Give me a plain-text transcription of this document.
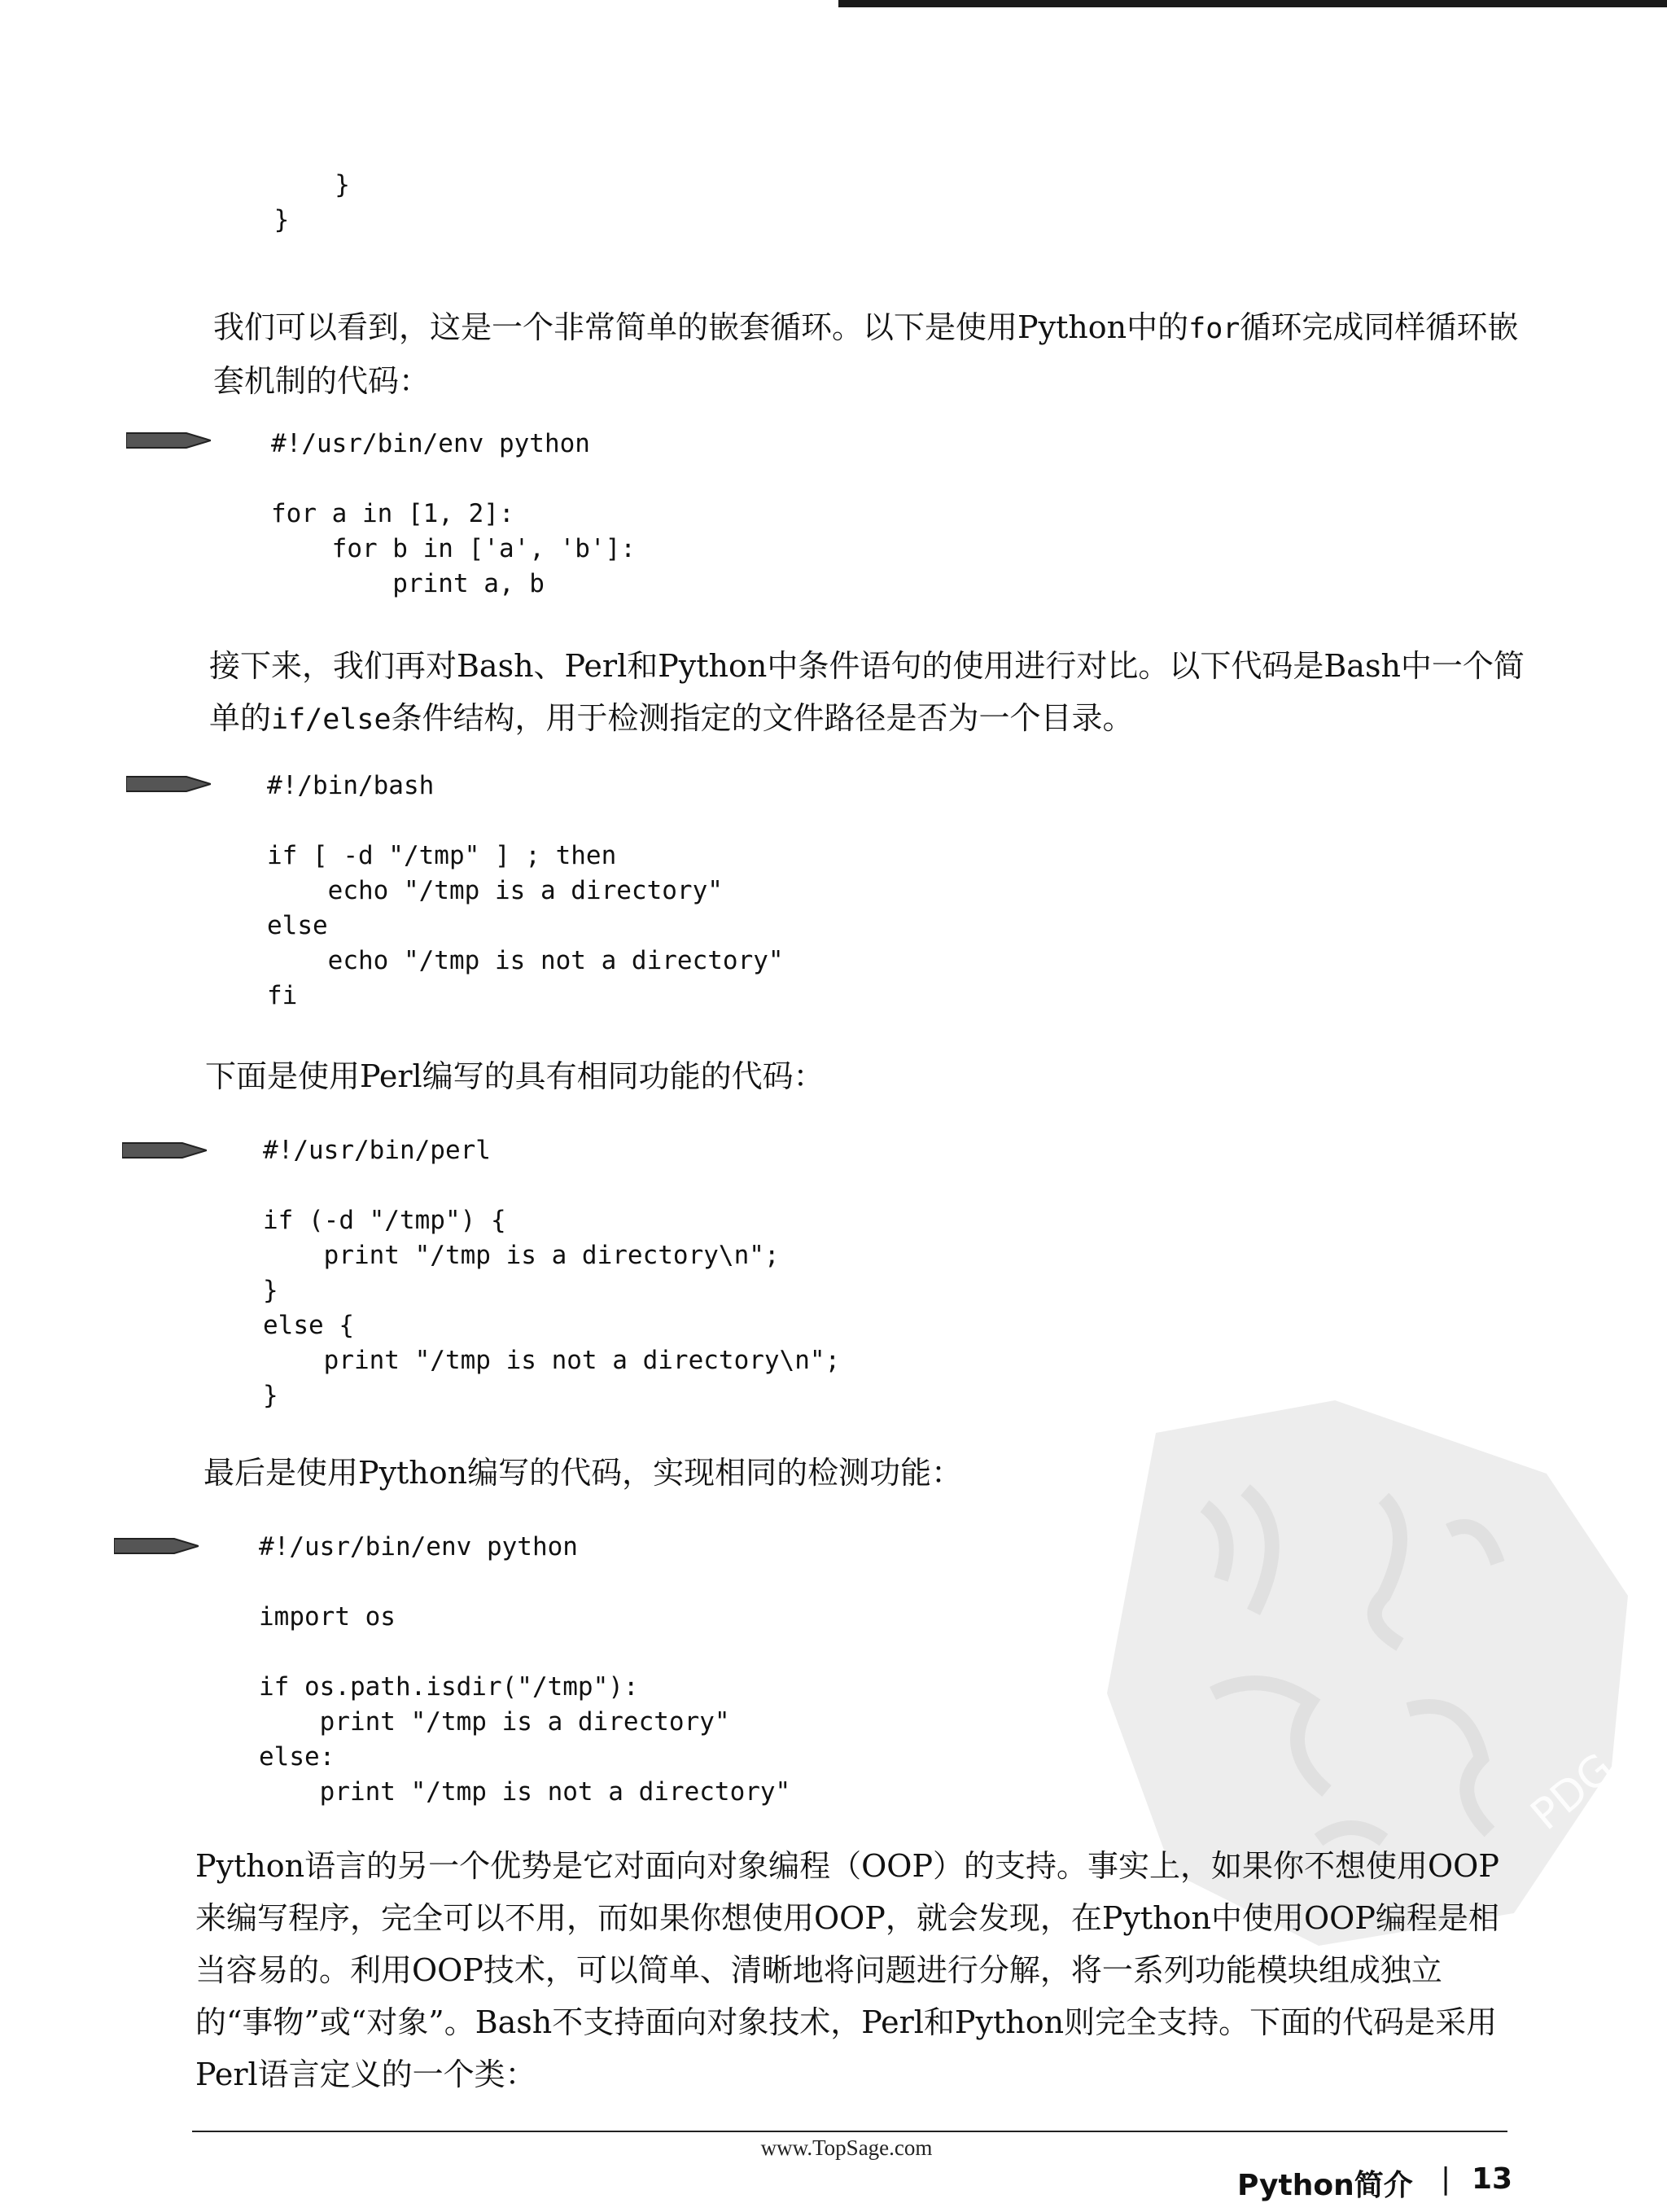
}
}

我们可以看到，这是一个非常简单的嵌套循环。以下是使用Python中的for循环完成同样循环嵌套机制的代码：

#!/usr/bin/env python

for a in [1, 2]:
for b in ['a', 'b']:
print a, b

接下来，我们再对Bash、Perl和Python中条件语句的使用进行对比。以下代码是Bash中一个简单的if/else条件结构，用于检测指定的文件路径是否为一个目录。

#!/bin/bash

if [ -d "/tmp" ] ; then
echo "/tmp is a directory"
else
echo "/tmp is not a directory"
fi

下面是使用Perl编写的具有相同功能的代码：

#!/usr/bin/perl

if (-d "/tmp") {
print "/tmp is a directory\n";
}
else {
print "/tmp is not a directory\n";
}

最后是使用Python编写的代码，实现相同的检测功能：

#!/usr/bin/env python

import os

if os.path.isdir("/tmp"):
print "/tmp is a directory"
else:
print "/tmp is not a directory"

Python语言的另一个优势是它对面向对象编程（OOP）的支持。事实上，如果你不想使用OOP来编写程序，完全可以不用，而如果你想使用OOP，就会发现，在Python中使用OOP编程是相当容易的。利用OOP技术，可以简单、清晰地将问题进行分解，将一系列功能模块组成独立的“事物”或“对象”。Bash不支持面向对象技术，Perl和Python则完全支持。下面的代码是采用Perl语言定义的一个类：

PDG
www.TopSage.com
Python简介 | 13
